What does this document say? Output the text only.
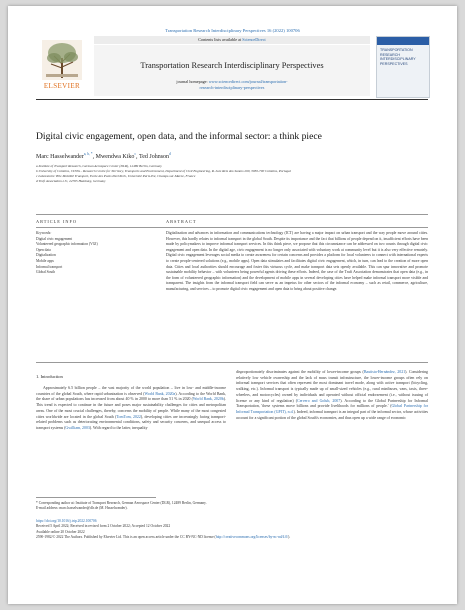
Transportation Research Interdisciplinary Perspectives 16 (2022) 100706

ELSEVIER
Contents lists available at ScienceDirect
Transportation Research Interdisciplinary Perspectives
journal homepage: www.sciencedirect.com/journal/transportation-
research-interdisciplinary-perspectives
TRANSPORTATION RESEARCH INTERDISCIPLINARY PERSPECTIVES
Digital civic engagement, open data, and the informal sector: a think piece

Marc Hasselwander$^{a, b, *}$, Mwendwa Kiko$^c$, Ted Johnson$^d$

a Institute of Transport Research, German Aerospace Center (DLR), 12489 Berlin, Germany
b University of Coimbra, CITTA – Research Centre for Territory, Transports and Environment, Department of Civil Engineering, R. Luís Reis dos Santos 290, 3030-790 Coimbra, Portugal
c Laboratoire Ville Mobilité Transport, Ecole des Ponts ParisTech, Université Paris-Est, Champs-sur-Marne, France
d Trufi Association e.V., 22765 Hamburg, Germany

ARTICLE INFO	ABSTRACT

Keywords:
Digital civic engagement
Volunteered geographic information (VGI)
Open data
Digitalization
Mobile apps
Informal transport
Global South

Digitalization and advances in information and communications technology (ICT) are having a major impact on urban transport and the way people move around cities. However, this hardly relates to informal transport in the global South. Despite its importance and the fact that billions of people depend on it, insufficient efforts have been made by policymakers to improve informal transport services. In this think piece, we propose that this circumstance can be addressed on two counts through digital civic engagement and open data. In the digital age, civic engagement is no longer only associated with voluntary work at community level but it is also very effective remotely. Digital civic engagement leverages social media to create awareness for certain concerns and provides a platform for local volunteers to connect with international experts to create people-centered solutions (e.g., mobile apps). Open data stimulates and facilitates digital civic engagement, which, in turn, can lead to the creation of more open data. Cities and local authorities should encourage and foster this virtuous cycle, and make transport data sets openly available. This can spur innovative and promote sustainable mobility behavior – with volunteers being powerful agents driving these efforts. Indeed, the case of the Trufi Association demonstrates that open data (e.g., in the form of volunteered geographic information) and the development of mobile apps in several developing cities have helped make informal transport more visible and transparent. The insights from the informal transport field can serve as an impetus for other sectors of the informal economy – such as retail, commerce, agriculture, manufacturing, and services – to promote digital civic engagement and open data to bring about positive change.

1. Introduction

Approximately 6.5 billion people – the vast majority of the world population – live in low- and middle-income countries of the global South, where rapid urbanization is observed (World Bank, 2020a). According to the World Bank, the share of urban populations has increased from about 40 % in 2000 to more than 51 % in 2020 (World Bank, 2020b). This trend is expected to continue in the future and poses major sustainability challenges for cities and metropolitan areas. One of the most crucial challenges, thereby, concerns the mobility of people. While many of the most congested cities worldwide are located in the global South (TomTom, 2022), developing cities are increasingly facing transport-related problems such as deteriorating environmental conditions, safety and security concerns, and unequal access to transport systems (Gwilliam, 2003). With regard to the latter, inequality

disproportionately discriminates against the mobility of lower-income groups (Bautista-Hernández, 2021). Considering relatively low vehicle ownership and the lack of mass transit infrastructure, the lower-income groups often rely on informal transport services that often represent the most dominant travel mode, along with active transport (bicycling, walking, etc.). Informal transport is typically made up of small-sized vehicles (e.g., rural minibuses, vans, taxis, three-wheelers, and motorcycles) owned by individuals and operated without official endorsement (i.e., without issuing of license or any kind of regulation) (Cervero and Golub, 2007). According to the Global Partnership for Informal Transportation, 'these systems move billions and provide livelihoods for millions of people.' (Global Partnership for Informal Transportation (GPIT), n.d.). Indeed, informal transport is an integral part of the informal sector, whose activities account for a significant portion of the global South's economies, and thus open up a wide range of economic

* Corresponding author at: Institute of Transport Research, German Aerospace Center (DLR), 12489 Berlin, Germany.
E-mail address: marc.hasselwander@dlr.de (M. Hasselwander).
https://doi.org/10.1016/j.trip.2022.100706
Received 5 April 2022; Received in revised form 2 October 2022; Accepted 12 October 2022
Available online 20 October 2022
2590-1982/© 2022 The Authors. Published by Elsevier Ltd. This is an open access article under the CC BY-NC-ND license (http://creativecommons.org/licenses/by-nc-nd/4.0/).
